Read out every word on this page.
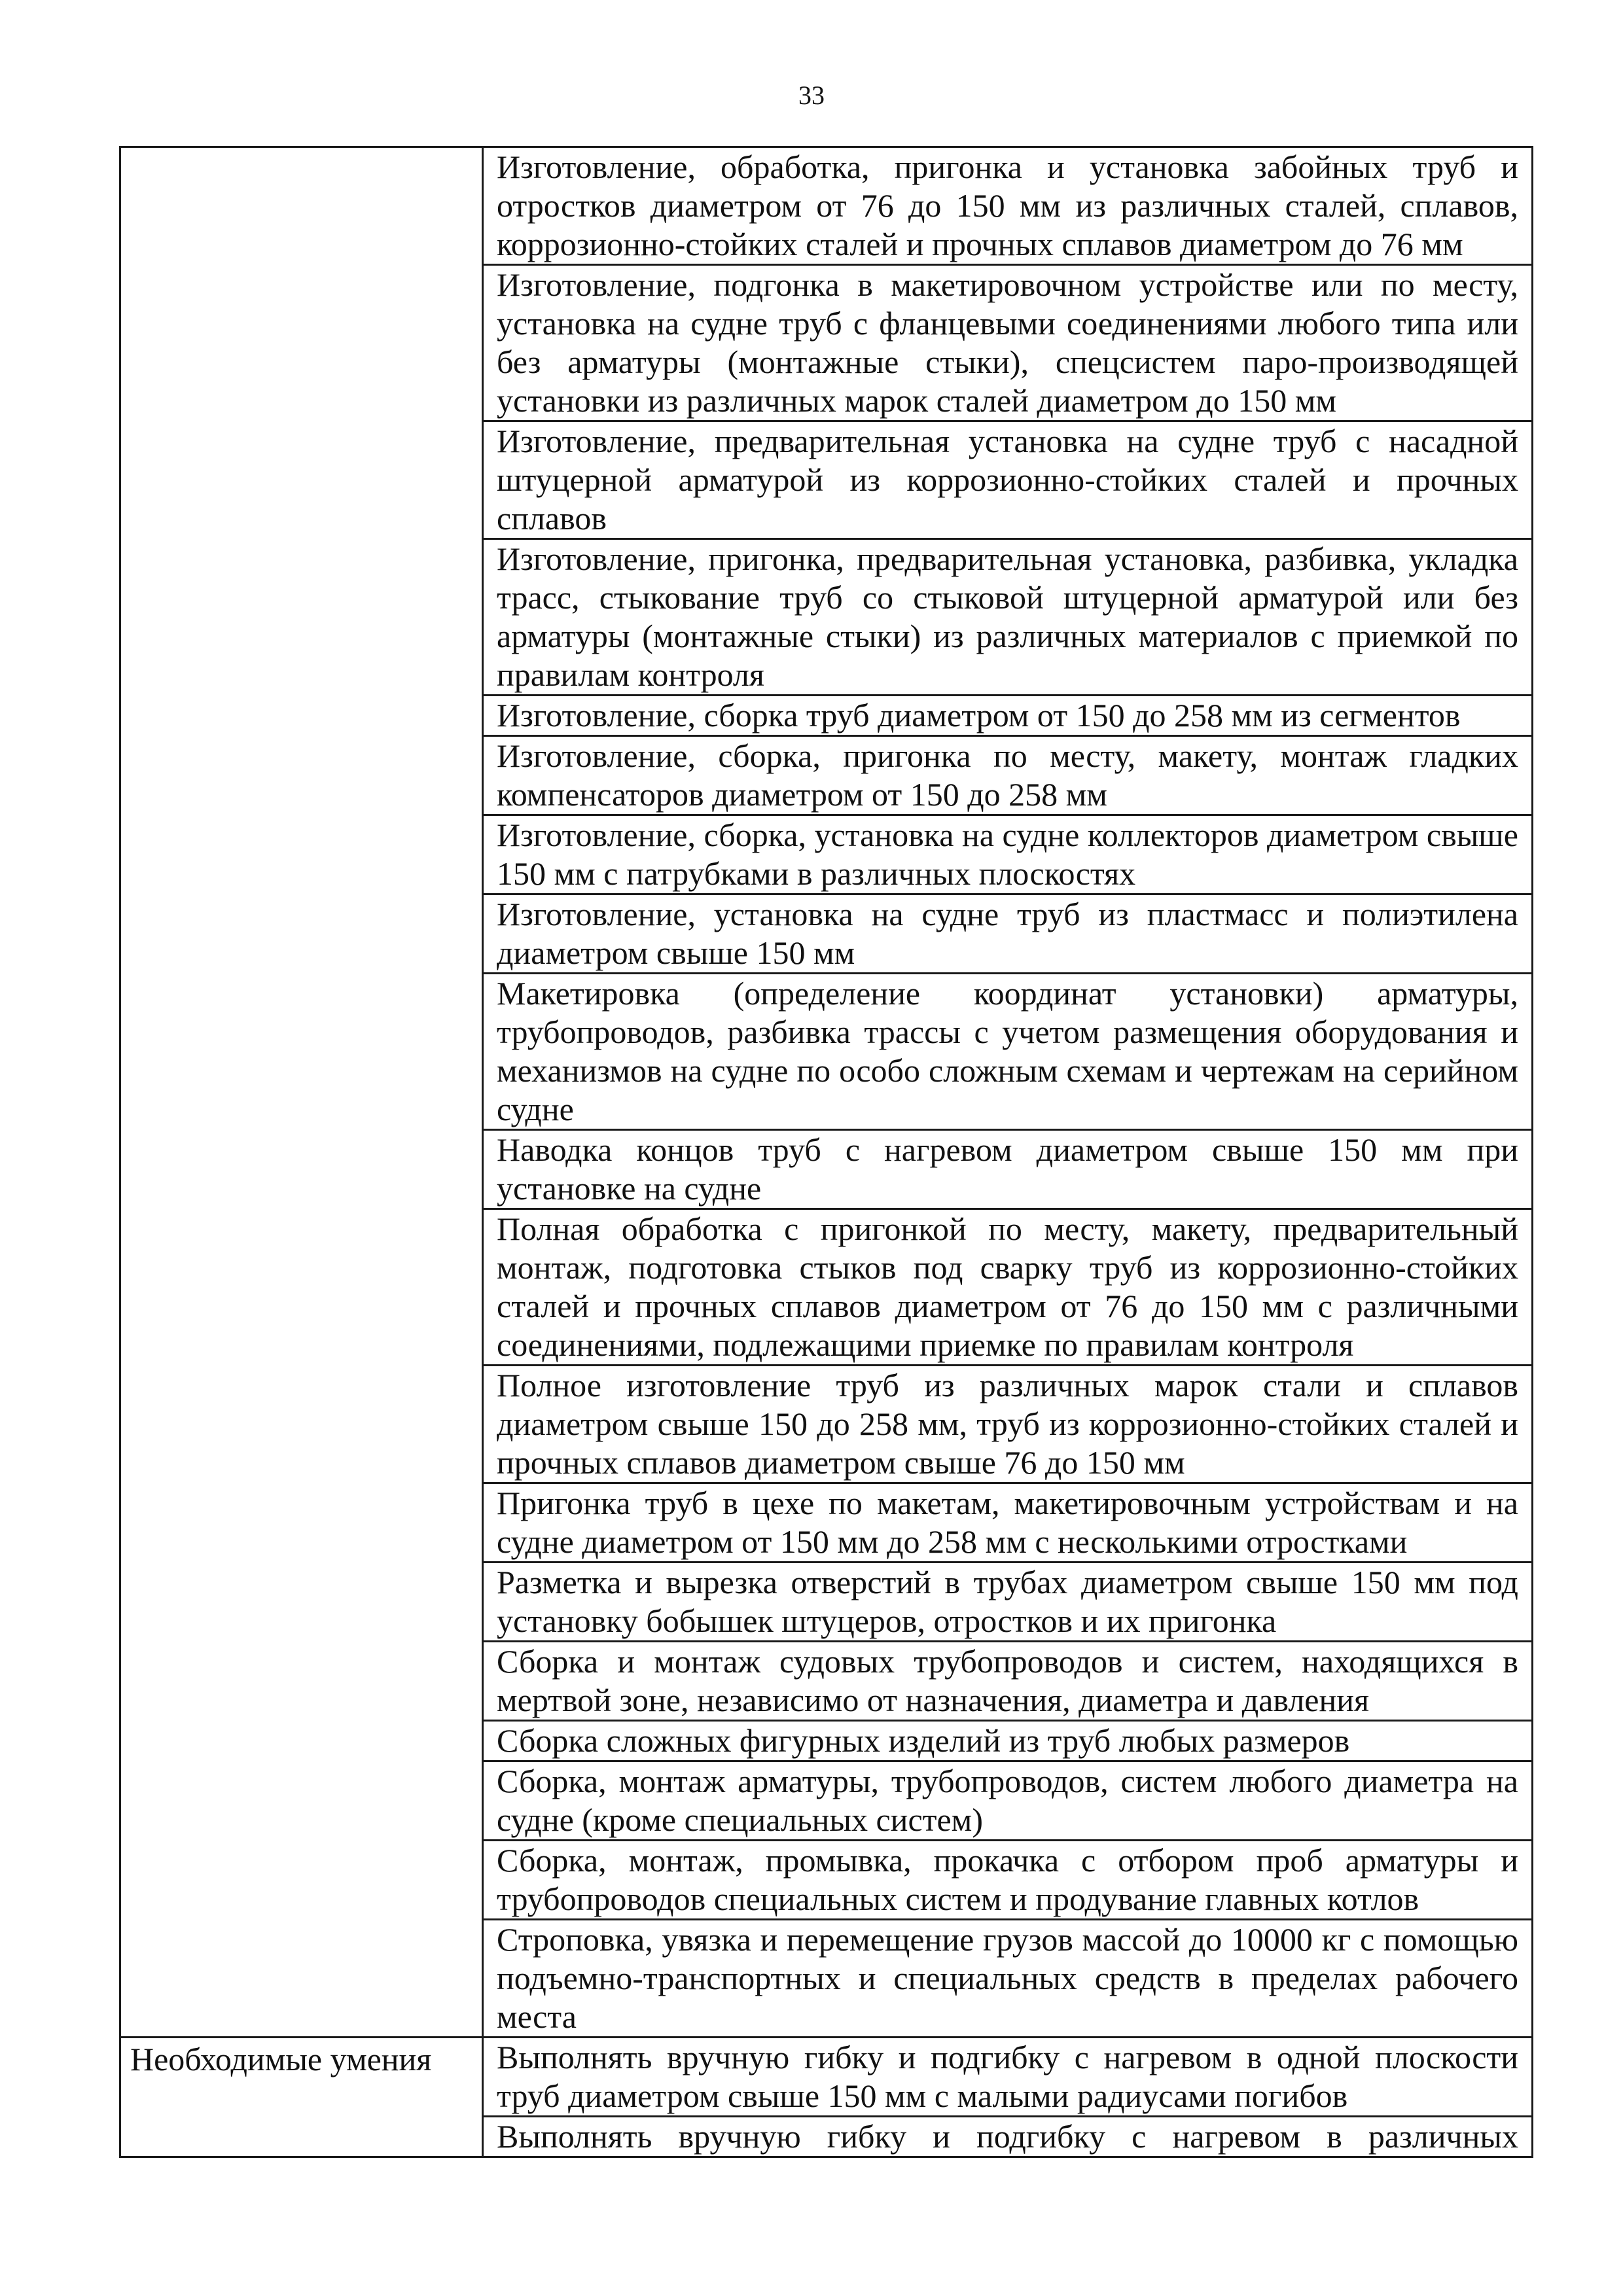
33

	Изготовление, обработка, пригонка и установка забойных труб и отростков диаметром от 76 до 150 мм из различных сталей, сплавов, коррозионно-стойких сталей и прочных сплавов диаметром до 76 мм

	Изготовление, подгонка в макетировочном устройстве или по месту, установка на судне труб с фланцевыми соединениями любого типа или без арматуры (монтажные стыки), спецсистем паро-производящей установки из различных марок сталей диаметром до 150 мм

	Изготовление, предварительная установка на судне труб с насадной штуцерной арматурой из коррозионно-стойких сталей и прочных сплавов

	Изготовление, пригонка, предварительная установка, разбивка, укладка трасс, стыкование труб со стыковой штуцерной арматурой или без арматуры (монтажные стыки) из различных материалов с приемкой по правилам контроля

	Изготовление, сборка труб диаметром от 150 до 258 мм из сегментов

	Изготовление, сборка, пригонка по месту, макету, монтаж гладких компенсаторов диаметром от 150 до 258 мм

	Изготовление, сборка, установка на судне коллекторов диаметром свыше 150 мм с патрубками в различных плоскостях

	Изготовление, установка на судне труб из пластмасс и полиэтилена диаметром свыше 150 мм

	Макетировка (определение координат установки) арматуры, трубопроводов, разбивка трассы с учетом размещения оборудования и механизмов на судне по особо сложным схемам и чертежам на серийном судне

	Наводка концов труб с нагревом диаметром свыше 150 мм при установке на судне

	Полная обработка с пригонкой по месту, макету, предварительный монтаж, подготовка стыков под сварку труб из коррозионно-стойких сталей и прочных сплавов диаметром от 76 до 150 мм с различными соединениями, подлежащими приемке по правилам контроля

	Полное изготовление труб из различных марок стали и сплавов диаметром свыше 150 до 258 мм, труб из коррозионно-стойких сталей и прочных сплавов диаметром свыше 76 до 150 мм

	Пригонка труб в цехе по макетам, макетировочным устройствам и на судне диаметром от 150 мм до 258 мм с несколькими отростками

	Разметка и вырезка отверстий в трубах диаметром свыше 150 мм под установку бобышек штуцеров, отростков и их пригонка

	Сборка и монтаж судовых трубопроводов и систем, находящихся в мертвой зоне, независимо от назначения, диаметра и давления

	Сборка сложных фигурных изделий из труб любых размеров

	Сборка, монтаж арматуры, трубопроводов, систем любого диаметра на судне (кроме специальных систем)

	Сборка, монтаж, промывка, прокачка с отбором проб арматуры и трубопроводов специальных систем и продувание главных котлов

	Строповка, увязка и перемещение грузов массой до 10000 кг с помощью подъемно-транспортных и специальных средств в пределах рабочего места

Необходимые умения	Выполнять вручную гибку и подгибку с нагревом в одной плоскости труб диаметром свыше 150 мм с малыми радиусами погибов

	Выполнять вручную гибку и подгибку с нагревом в различных
